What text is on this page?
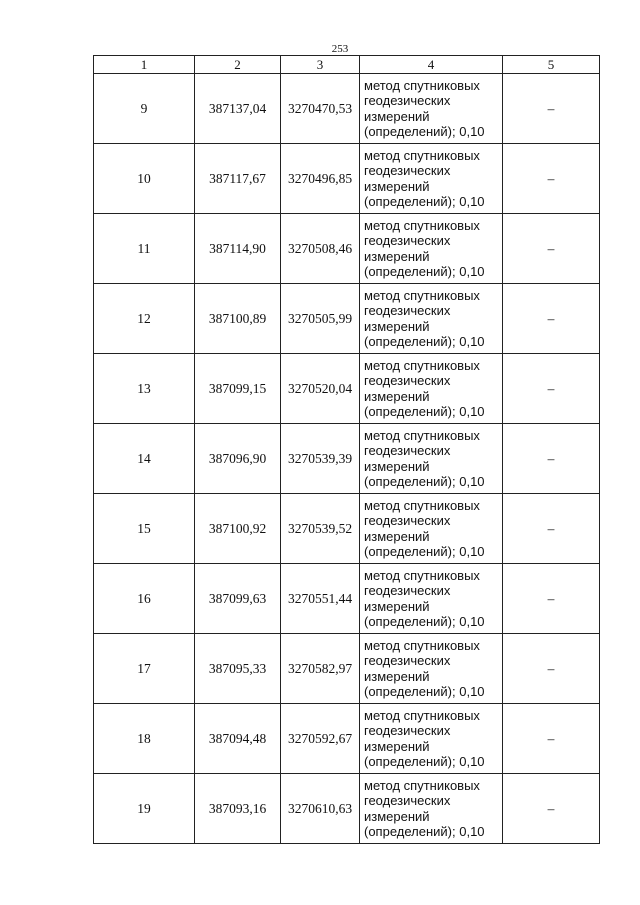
253
1	2	3	4	5
9	387137,04	3270470,53	метод спутниковых
геодезических
измерений
(определений); 0,10	–
10	387117,67	3270496,85	метод спутниковых
геодезических
измерений
(определений); 0,10	–
11	387114,90	3270508,46	метод спутниковых
геодезических
измерений
(определений); 0,10	–
12	387100,89	3270505,99	метод спутниковых
геодезических
измерений
(определений); 0,10	–
13	387099,15	3270520,04	метод спутниковых
геодезических
измерений
(определений); 0,10	–
14	387096,90	3270539,39	метод спутниковых
геодезических
измерений
(определений); 0,10	–
15	387100,92	3270539,52	метод спутниковых
геодезических
измерений
(определений); 0,10	–
16	387099,63	3270551,44	метод спутниковых
геодезических
измерений
(определений); 0,10	–
17	387095,33	3270582,97	метод спутниковых
геодезических
измерений
(определений); 0,10	–
18	387094,48	3270592,67	метод спутниковых
геодезических
измерений
(определений); 0,10	–
19	387093,16	3270610,63	метод спутниковых
геодезических
измерений
(определений); 0,10	–
